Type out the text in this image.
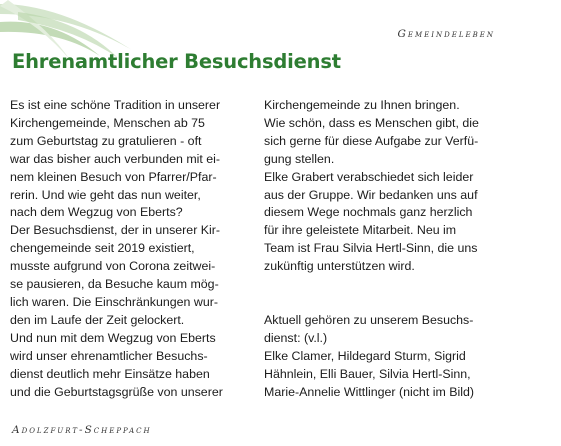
Gemeindeleben
Ehrenamtlicher Besuchsdienst

Es ist eine schöne Tradition in unserer

Kirchengemeinde, Menschen ab 75

zum Geburtstag zu gratulieren - oft

war das bisher auch verbunden mit ei-

nem kleinen Besuch von Pfarrer/Pfar-

rerin. Und wie geht das nun weiter,

nach dem Wegzug von Eberts?

Der Besuchsdienst, der in unserer Kir-

chengemeinde seit 2019 existiert,

musste aufgrund von Corona zeitwei-

se pausieren, da Besuche kaum mög-

lich waren. Die Einschränkungen wur-

den im Laufe der Zeit gelockert.

Und nun mit dem Wegzug von Eberts

wird unser ehrenamtlicher Besuchs-

dienst deutlich mehr Einsätze haben

und die Geburtstagsgrüße von unserer

Kirchengemeinde zu Ihnen bringen.

Wie schön, dass es Menschen gibt, die

sich gerne für diese Aufgabe zur Verfü-

gung stellen.

Elke Grabert verabschiedet sich leider

aus der Gruppe. Wir bedanken uns auf

diesem Wege nochmals ganz herzlich

für ihre geleistete Mitarbeit. Neu im

Team ist Frau Silvia Hertl-Sinn, die uns

zukünftig unterstützen wird.

Aktuell gehören zu unserem Besuchs-

dienst: (v.l.)

Elke Clamer, Hildegard Sturm, Sigrid

Hähnlein, Elli Bauer, Silvia Hertl-Sinn,

Marie-Annelie Wittlinger (nicht im Bild)

Adolzfurt-Scheppach
